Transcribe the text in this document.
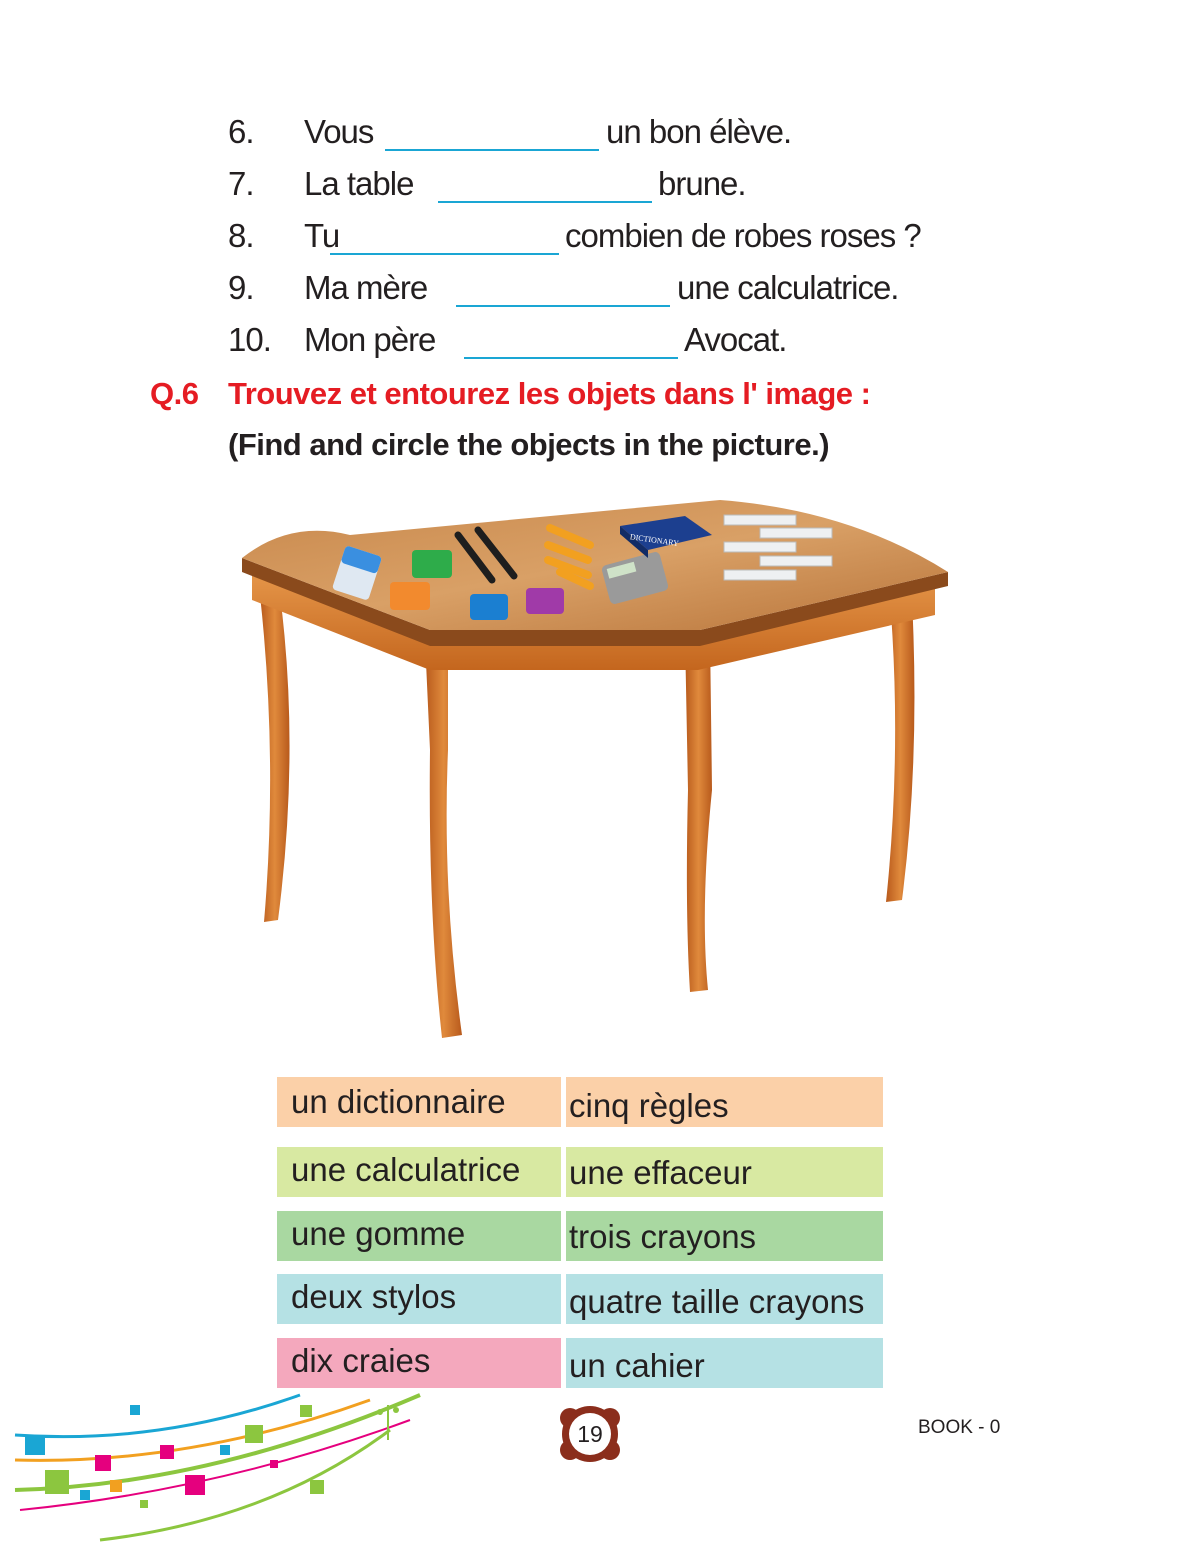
6. Vous	un bon élève.
7. La table	brune.
8. Tu	combien de robes roses ?
9. Ma mère	une calculatrice.
10. Mon père	Avocat.
Q.6 Trouvez et entourez les objets dans l' image :
(Find and circle the objects in the picture.)
DICTIONARY
un dictionnaire	cinq règles
une calculatrice	une effaceur
une gomme	trois crayons
deux stylos	quatre taille crayons
dix craies	un cahier
19	BOOK - 0
